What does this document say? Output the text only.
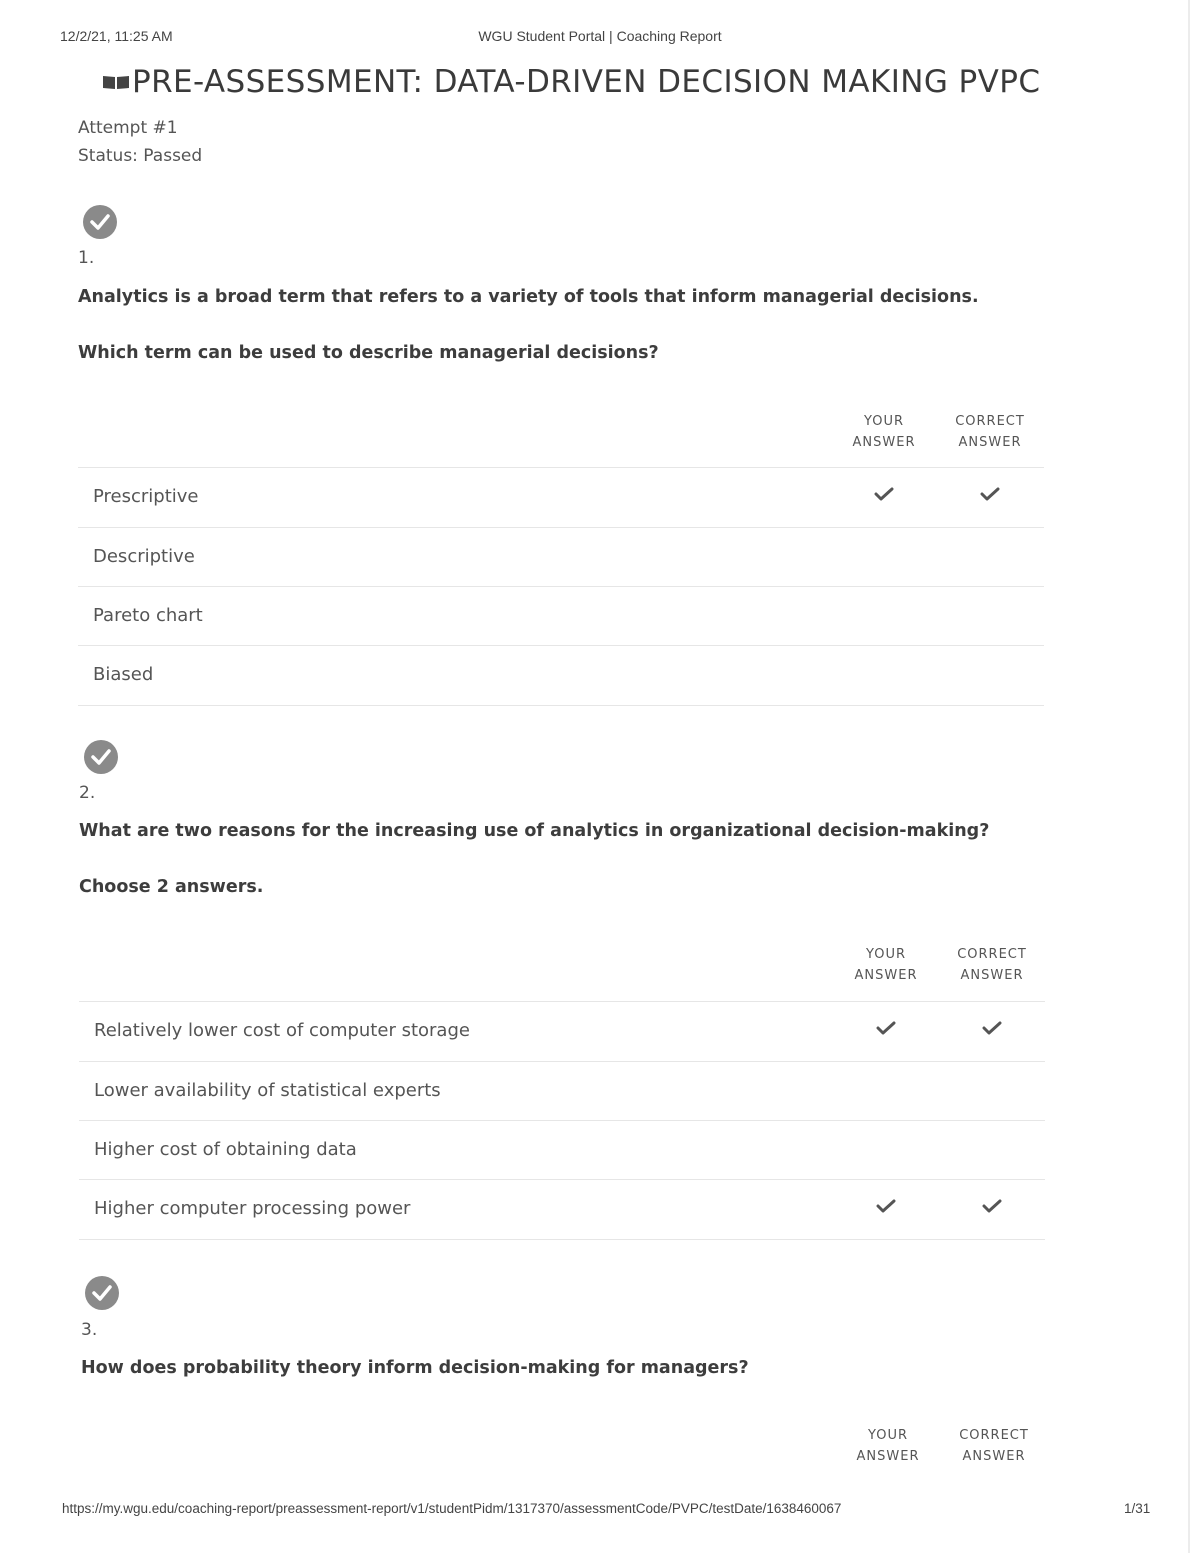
12/2/21, 11:25 AM	WGU Student Portal | Coaching Report
PRE-ASSESSMENT: DATA-DRIVEN DECISION MAKING PVPC
Attempt #1
Status: Passed
1.
Analytics is a broad term that refers to a variety of tools that inform managerial decisions.
Which term can be used to describe managerial decisions?
YOUR
ANSWER
CORRECT
ANSWER
Prescriptive
Descriptive
Pareto chart
Biased
2.
What are two reasons for the increasing use of analytics in organizational decision-making?
Choose 2 answers.
YOUR
ANSWER
CORRECT
ANSWER
Relatively lower cost of computer storage
Lower availability of statistical experts
Higher cost of obtaining data
Higher computer processing power
3.
How does probability theory inform decision-making for managers?
YOUR
ANSWER
CORRECT
ANSWER
https://my.wgu.edu/coaching-report/preassessment-report/v1/studentPidm/1317370/assessmentCode/PVPC/testDate/1638460067	1/31
